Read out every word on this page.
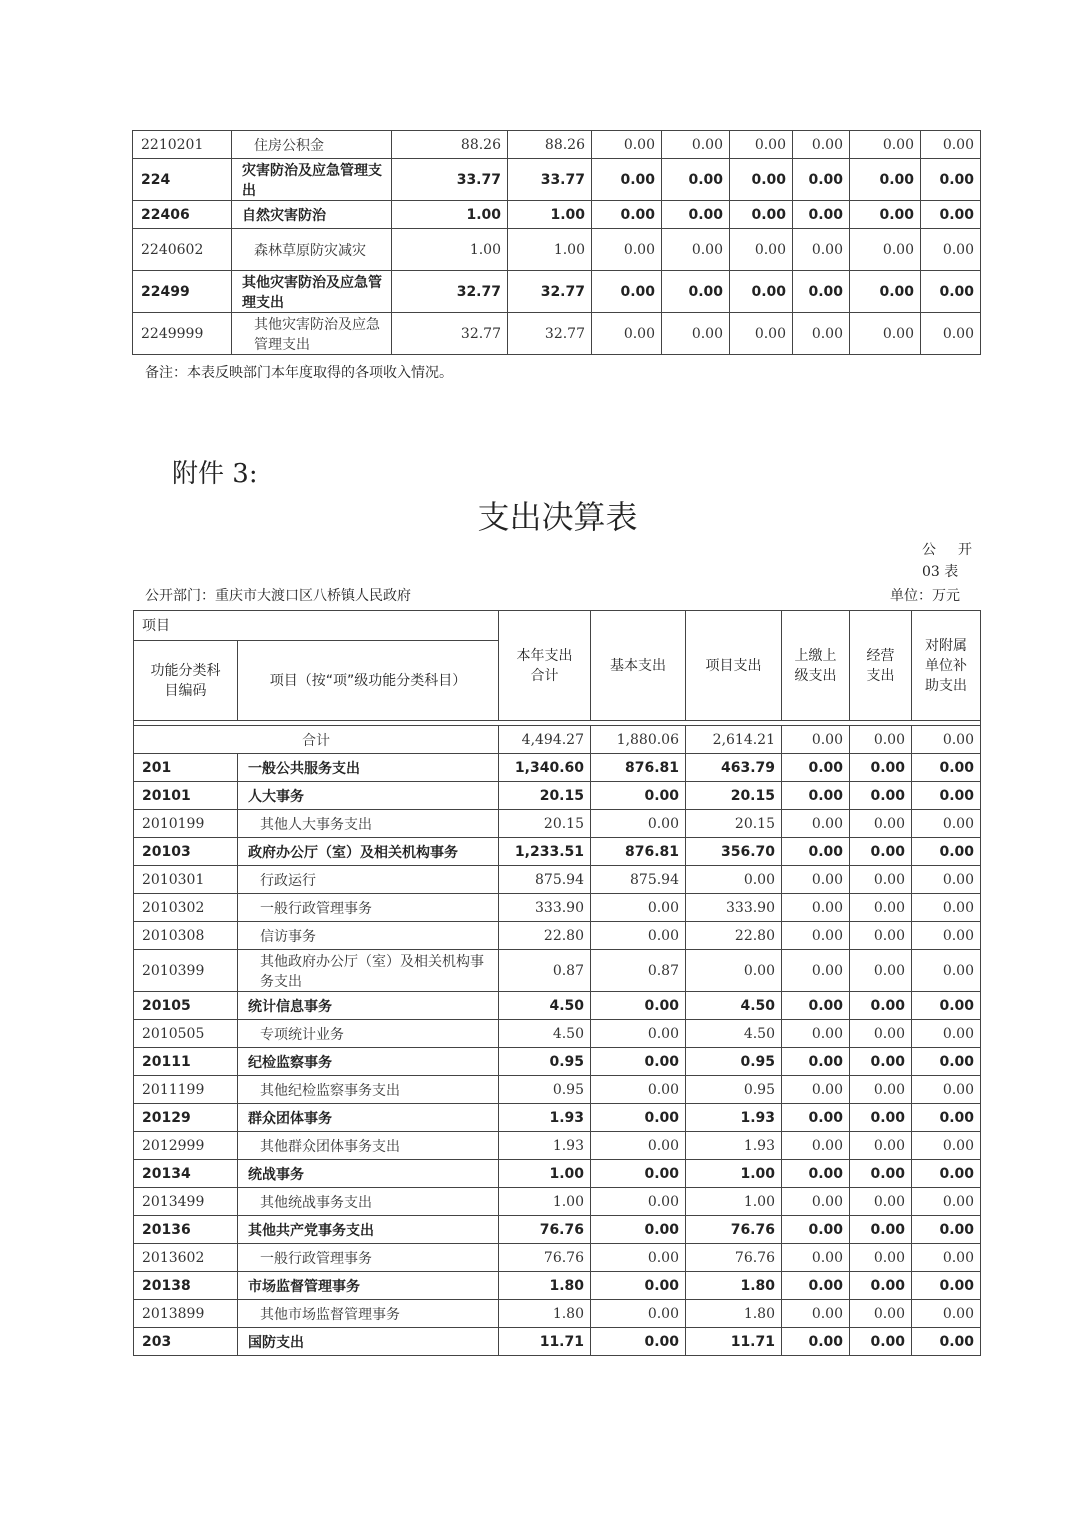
2210201	住房公积金	88.26	88.26	0.00	0.00	0.00	0.00	0.00	0.00
224	灾害防治及应急管理支出	33.77	33.77	0.00	0.00	0.00	0.00	0.00	0.00
22406	自然灾害防治	1.00	1.00	0.00	0.00	0.00	0.00	0.00	0.00
2240602	森林草原防灾减灾	1.00	1.00	0.00	0.00	0.00	0.00	0.00	0.00
22499	其他灾害防治及应急管理支出	32.77	32.77	0.00	0.00	0.00	0.00	0.00	0.00
2249999	其他灾害防治及应急管理支出	32.77	32.77	0.00	0.00	0.00	0.00	0.00	0.00
备注：本表反映部门本年度取得的各项收入情况。
附件 3:
支出决算表
公 开 03 表
公开部门：重庆市大渡口区八桥镇人民政府	单位：万元
项目		本年支出合计	基本支出	项目支出	上缴上级支出	经营支出	对附属单位补助支出
功能分类科目编码	项目（按“项”级功能分类科目）						

合计		4,494.27	1,880.06	2,614.21	0.00	0.00	0.00
201	一般公共服务支出	1,340.60	876.81	463.79	0.00	0.00	0.00
20101	人大事务	20.15	0.00	20.15	0.00	0.00	0.00
2010199	其他人大事务支出	20.15	0.00	20.15	0.00	0.00	0.00
20103	政府办公厅（室）及相关机构事务	1,233.51	876.81	356.70	0.00	0.00	0.00
2010301	行政运行	875.94	875.94	0.00	0.00	0.00	0.00
2010302	一般行政管理事务	333.90	0.00	333.90	0.00	0.00	0.00
2010308	信访事务	22.80	0.00	22.80	0.00	0.00	0.00
2010399	其他政府办公厅（室）及相关机构事务支出	0.87	0.87	0.00	0.00	0.00	0.00
20105	统计信息事务	4.50	0.00	4.50	0.00	0.00	0.00
2010505	专项统计业务	4.50	0.00	4.50	0.00	0.00	0.00
20111	纪检监察事务	0.95	0.00	0.95	0.00	0.00	0.00
2011199	其他纪检监察事务支出	0.95	0.00	0.95	0.00	0.00	0.00
20129	群众团体事务	1.93	0.00	1.93	0.00	0.00	0.00
2012999	其他群众团体事务支出	1.93	0.00	1.93	0.00	0.00	0.00
20134	统战事务	1.00	0.00	1.00	0.00	0.00	0.00
2013499	其他统战事务支出	1.00	0.00	1.00	0.00	0.00	0.00
20136	其他共产党事务支出	76.76	0.00	76.76	0.00	0.00	0.00
2013602	一般行政管理事务	76.76	0.00	76.76	0.00	0.00	0.00
20138	市场监督管理事务	1.80	0.00	1.80	0.00	0.00	0.00
2013899	其他市场监督管理事务	1.80	0.00	1.80	0.00	0.00	0.00
203	国防支出	11.71	0.00	11.71	0.00	0.00	0.00
